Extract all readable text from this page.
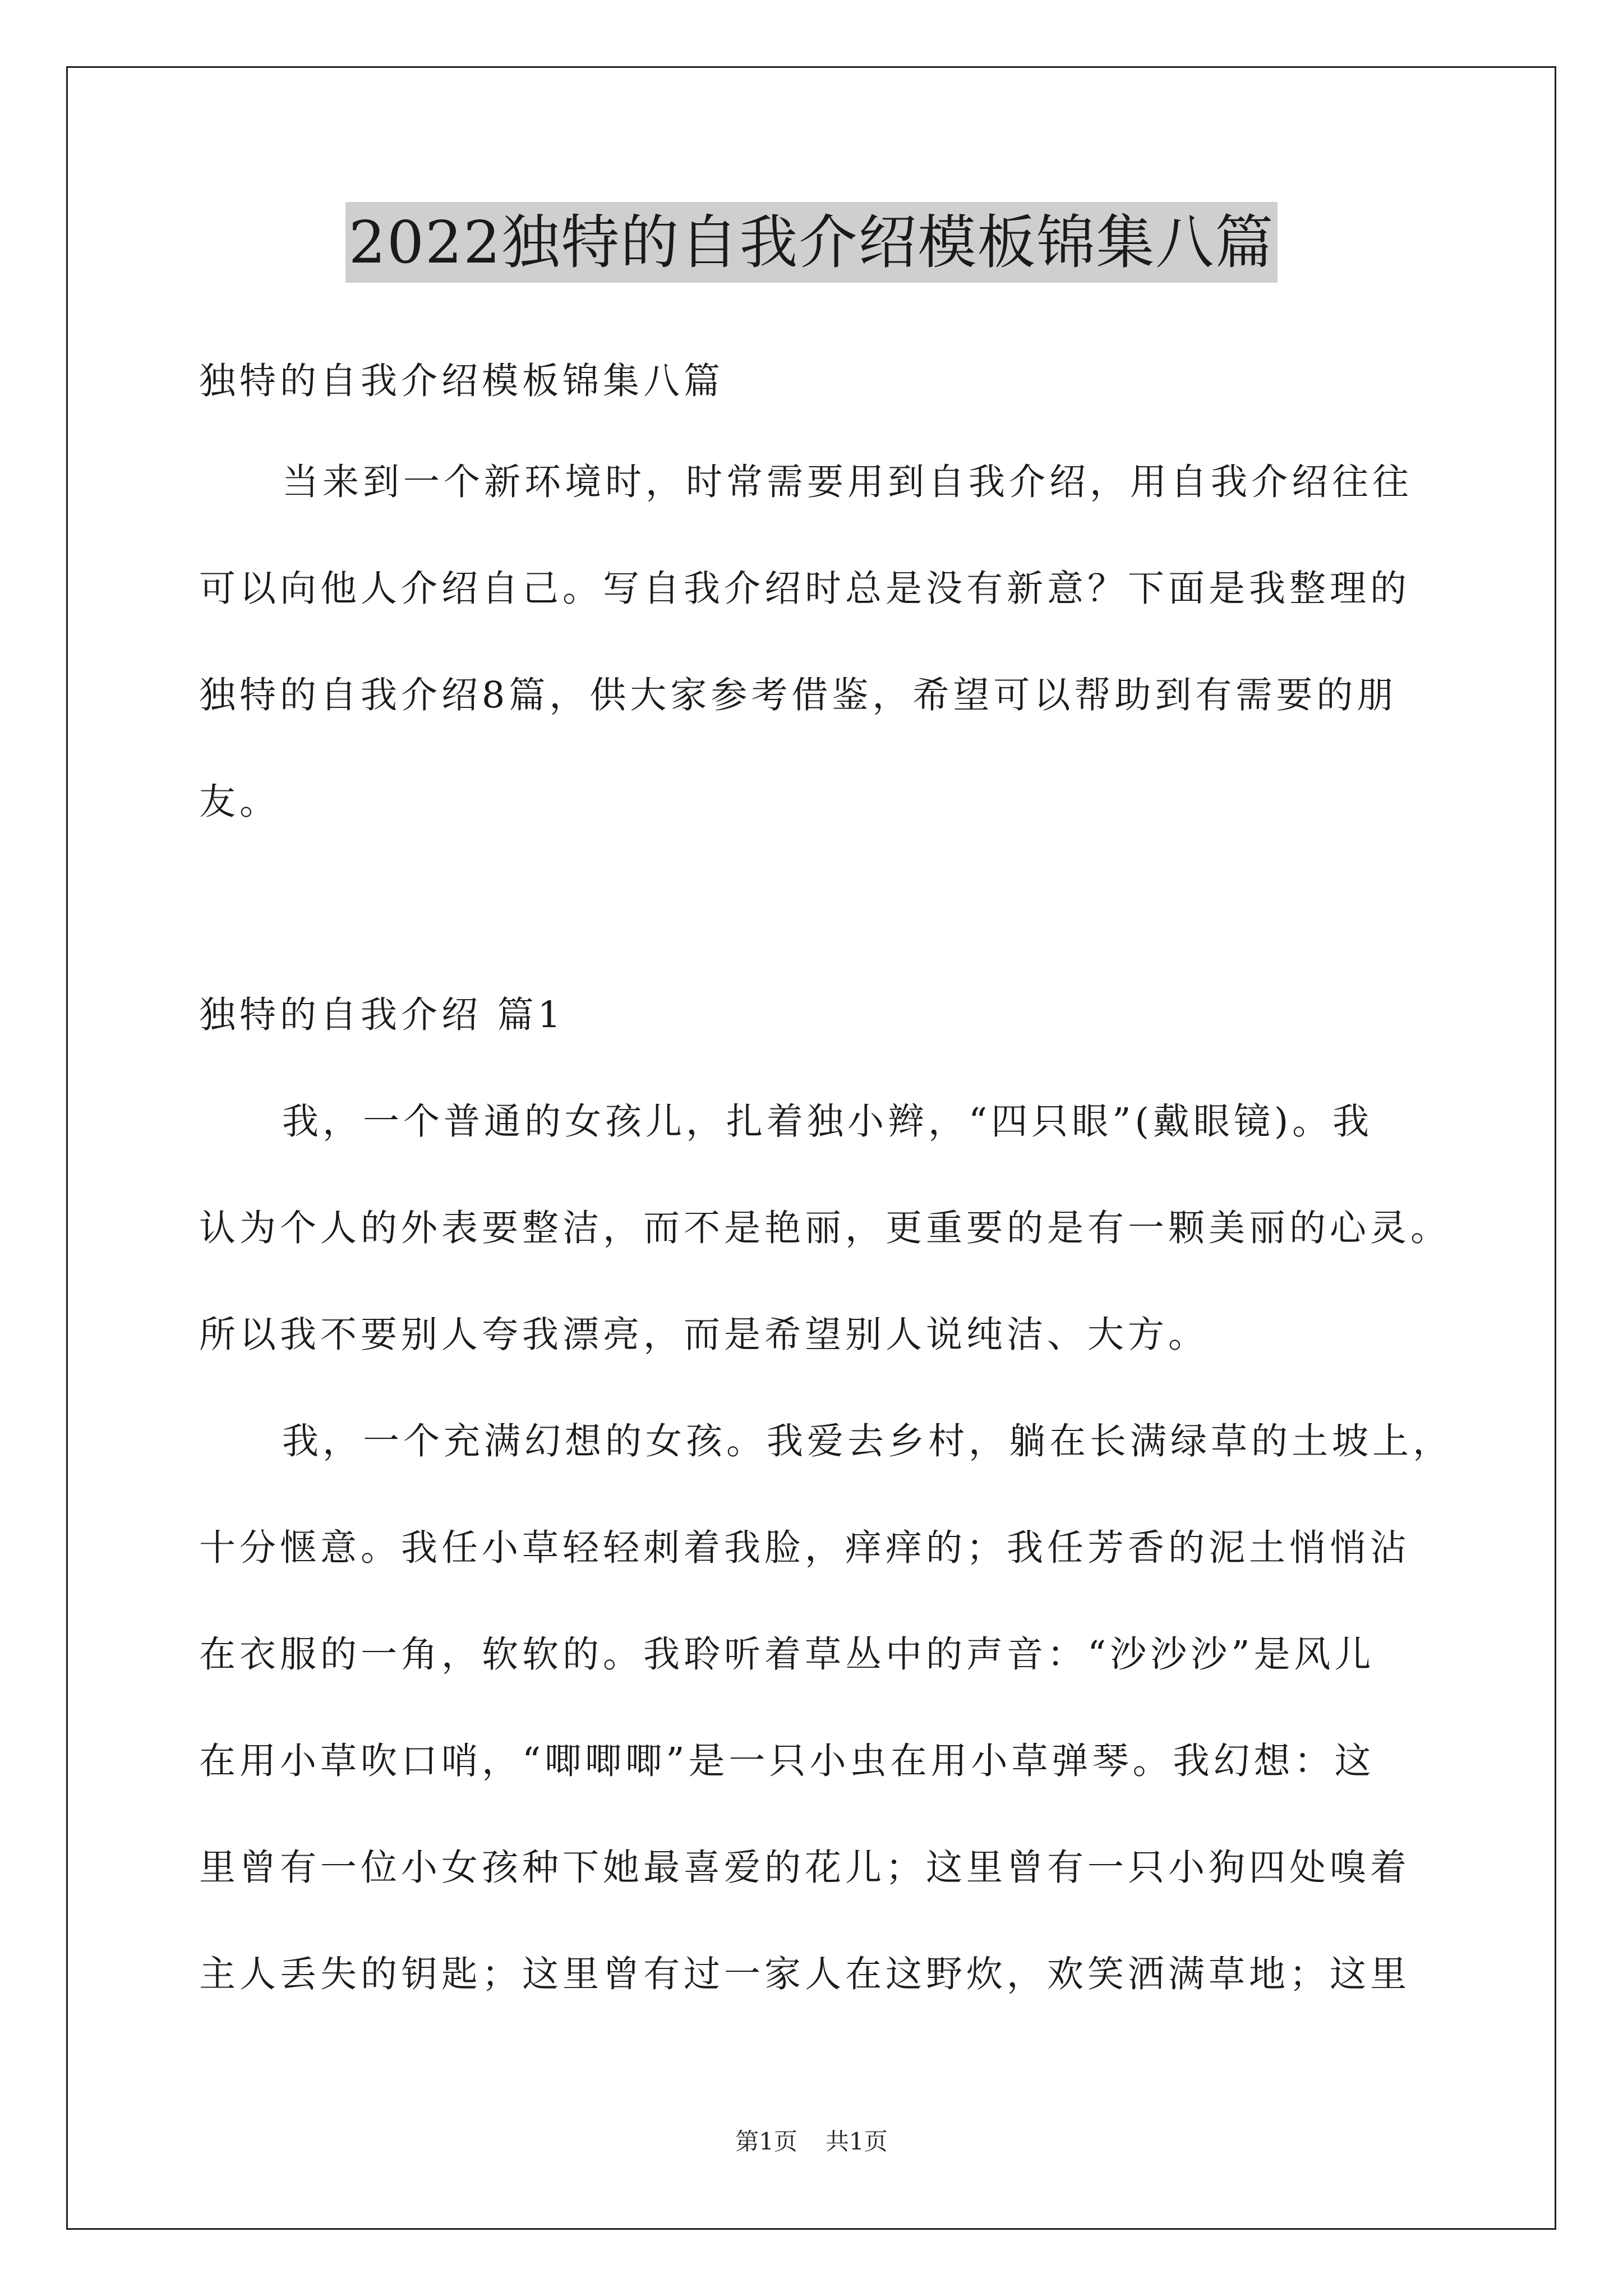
2022独特的自我介绍模板锦集八篇
独特的自我介绍模板锦集八篇
当来到一个新环境时，时常需要用到自我介绍，用自我介绍往往
可以向他人介绍自己。写自我介绍时总是没有新意？下面是我整理的
独特的自我介绍8篇，供大家参考借鉴，希望可以帮助到有需要的朋
友。
独特的自我介绍 篇1
我，一个普通的女孩儿，扎着独小辫，“四只眼”(戴眼镜)。我
认为个人的外表要整洁，而不是艳丽，更重要的是有一颗美丽的心灵。
所以我不要别人夸我漂亮，而是希望别人说纯洁、大方。
我，一个充满幻想的女孩。我爱去乡村，躺在长满绿草的土坡上，
十分惬意。我任小草轻轻刺着我脸，痒痒的；我任芳香的泥土悄悄沾
在衣服的一角，软软的。我聆听着草丛中的声音：“沙沙沙”是风儿
在用小草吹口哨，“唧唧唧”是一只小虫在用小草弹琴。我幻想：这
里曾有一位小女孩种下她最喜爱的花儿；这里曾有一只小狗四处嗅着
主人丢失的钥匙；这里曾有过一家人在这野炊，欢笑洒满草地；这里
第1页 共1页
